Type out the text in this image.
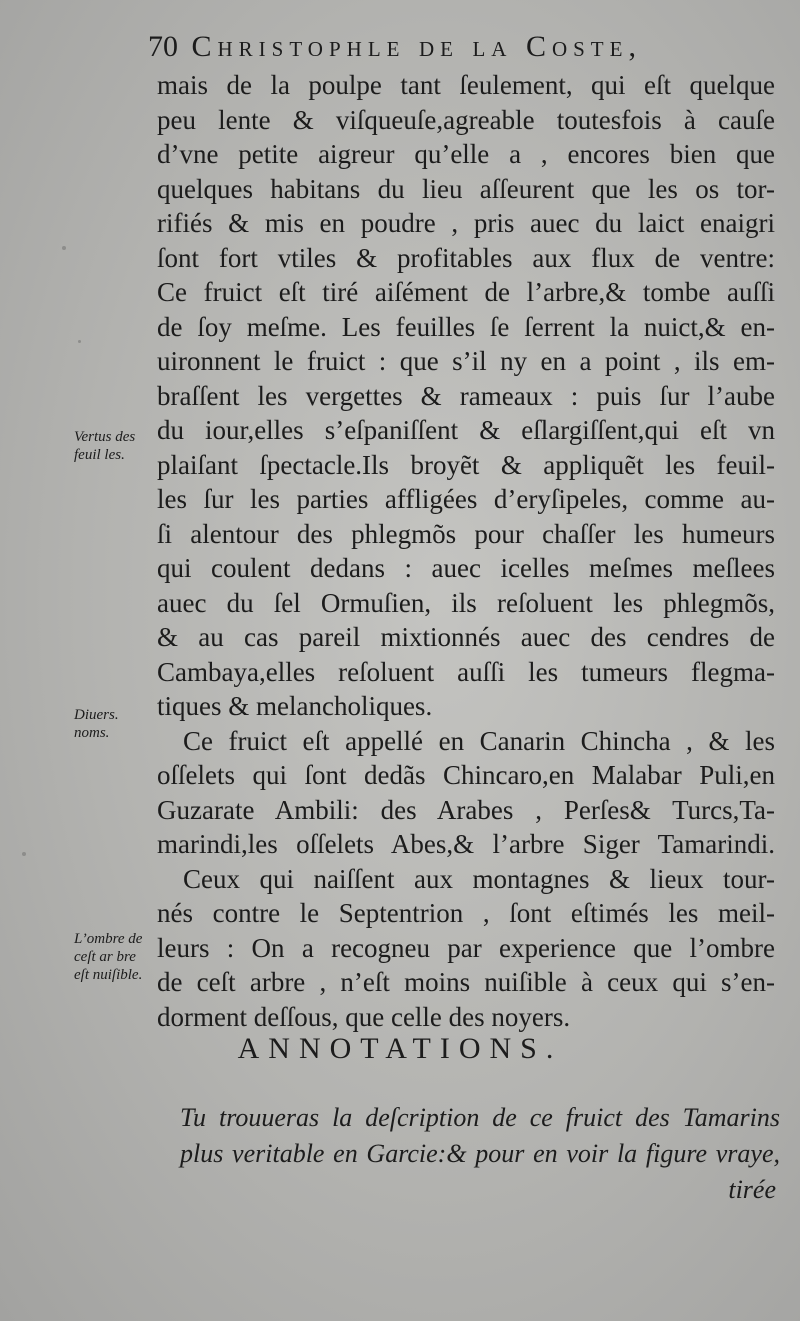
70 Christophle de la Coste,
mais de la poulpe tant ſeulement, qui eſt quelque
peu lente & viſqueuſe,agreable toutesfois à cauſe
d’vne petite aigreur qu’elle a , encores bien que
quelques habitans du lieu aſſeurent que les os tor-
rifiés & mis en poudre , pris auec du laict enaigri
ſont fort vtiles & profitables aux flux de ventre:
Ce fruict eſt tiré aiſément de l’arbre,& tombe auſſi
de ſoy meſme. Les feuilles ſe ſerrent la nuict,& en-
uironnent le fruict : que s’il ny en a point , ils em-
braſſent les vergettes & rameaux : puis ſur l’aube
du iour,elles s’eſpaniſſent & eſlargiſſent,qui eſt vn
plaiſant ſpectacle.Ils broyẽt & appliquẽt les feuil-
les ſur les parties affligées d’eryſipeles, comme au-
ſi alentour des phlegmõs pour chaſſer les humeurs
qui coulent dedans : auec icelles meſmes meſlees
auec du ſel Ormuſien, ils reſoluent les phlegmõs,
& au cas pareil mixtionnés auec des cendres de
Cambaya,elles reſoluent auſſi les tumeurs flegma-
tiques & melancholiques.
Ce fruict eſt appellé en Canarin Chincha , & les
oſſelets qui ſont dedãs Chincaro,en Malabar Puli,en
Guzarate Ambili: des Arabes , Perſes& Turcs,Ta-
marindi,les oſſelets Abes,& l’arbre Siger Tamarindi.
Ceux qui naiſſent aux montagnes & lieux tour-
nés contre le Septentrion , ſont eſtimés les meil-
leurs : On a recogneu par experience que l’ombre
de ceſt arbre , n’eſt moins nuiſible à ceux qui s’en-
dorment deſſous, que celle des noyers.
Vertus des feuil les.
Diuers. noms.
L’ombre de ceſt ar bre eſt nuiſible.
ANNOTATIONS.
Tu trouueras la deſcription de ce fruict des Tamarins
plus veritable en Garcie:& pour en voir la figure vraye,
tirée
